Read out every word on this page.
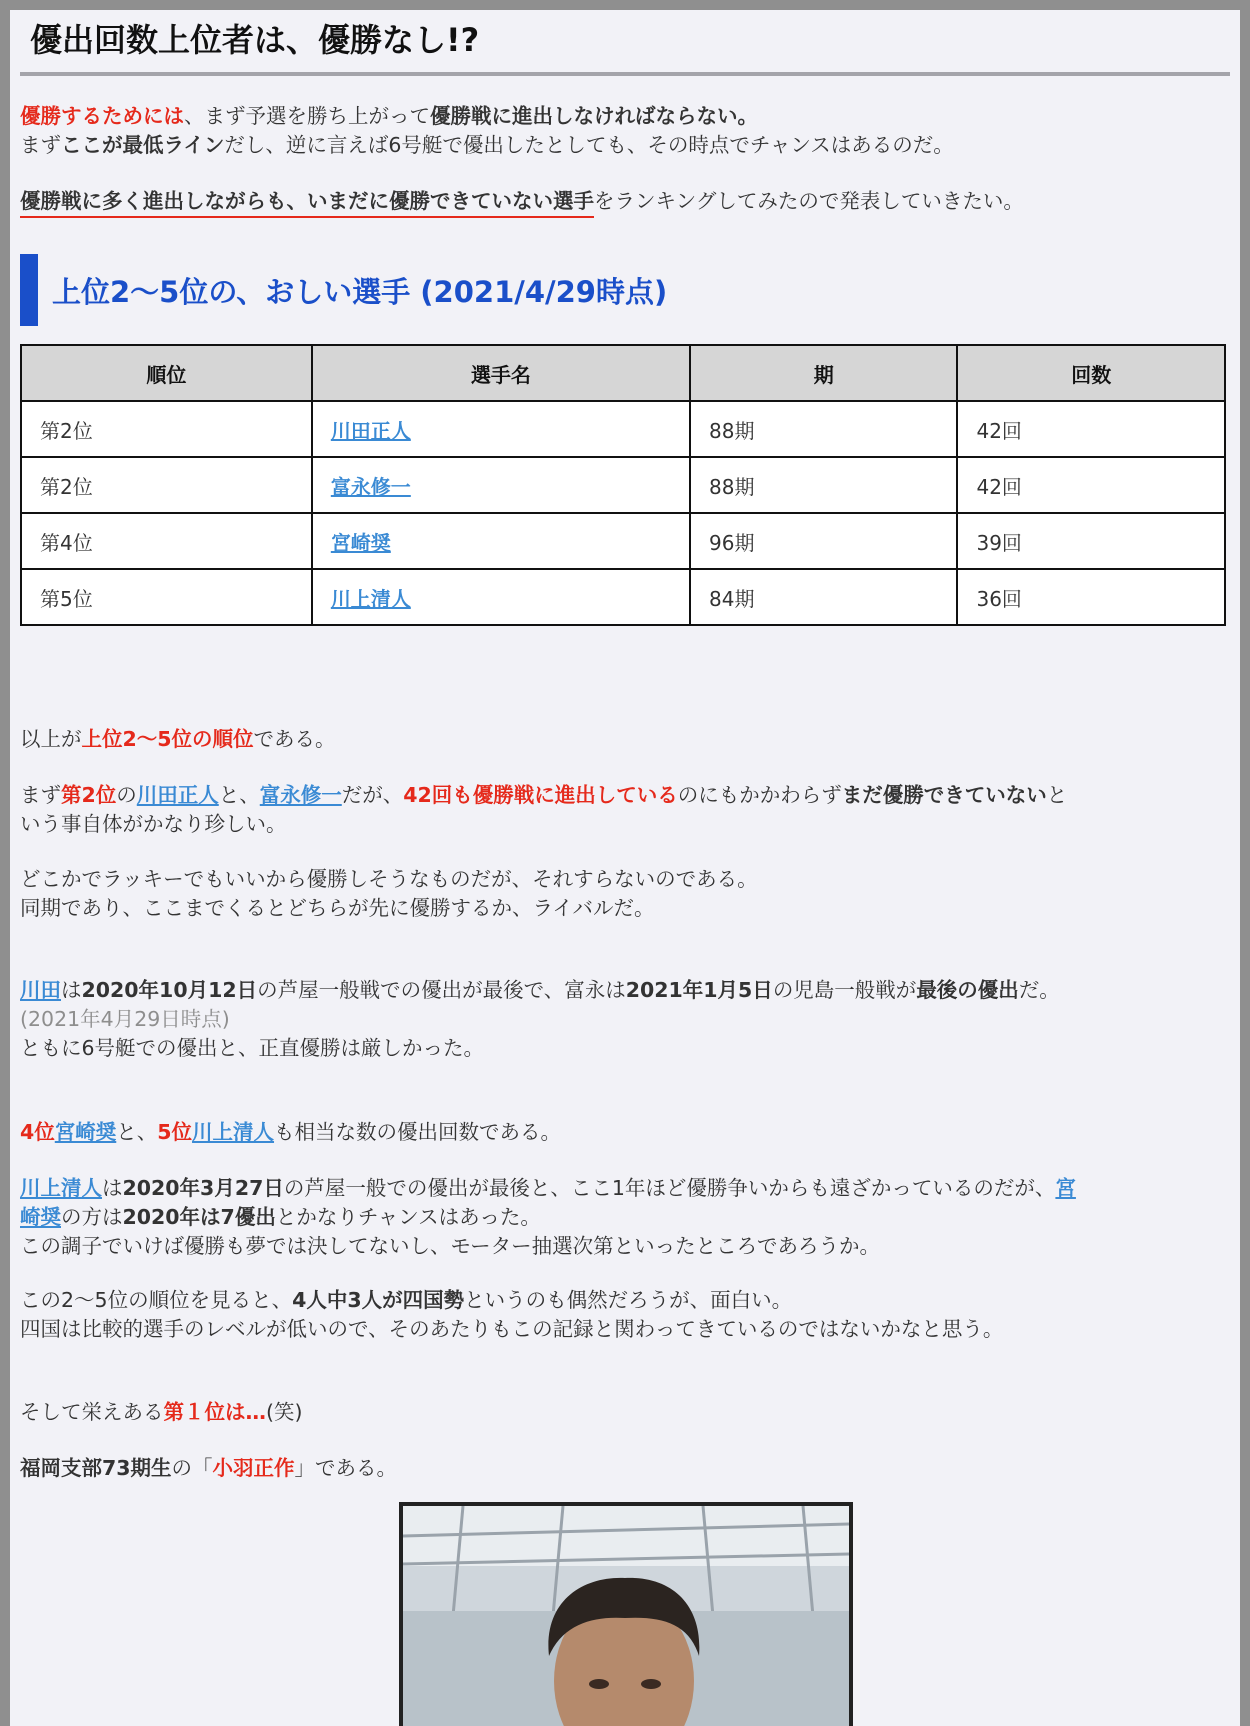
優出回数上位者は、優勝なし!?

優勝するためには、まず予選を勝ち上がって優勝戦に進出しなければならない。

まずここが最低ラインだし、逆に言えば6号艇で優出したとしても、その時点でチャンスはあるのだ。

優勝戦に多く進出しながらも、いまだに優勝できていない選手をランキングしてみたので発表していきたい。

上位2〜5位の、おしい選手 (2021/4/29時点)
順位	選手名	期	回数
第2位	川田正人	88期	42回
第2位	富永修一	88期	42回
第4位	宮崎奨	96期	39回
第5位	川上清人	84期	36回

以上が上位2〜5位の順位である。

まず第2位の川田正人と、富永修一だが、42回も優勝戦に進出しているのにもかかわらずまだ優勝できていないと

いう事自体がかなり珍しい。

どこかでラッキーでもいいから優勝しそうなものだが、それすらないのである。

同期であり、ここまでくるとどちらが先に優勝するか、ライバルだ。

川田は2020年10月12日の芦屋一般戦での優出が最後で、富永は2021年1月5日の児島一般戦が最後の優出だ。

(2021年4月29日時点)

ともに6号艇での優出と、正直優勝は厳しかった。

4位宮崎奨と、5位川上清人も相当な数の優出回数である。

川上清人は2020年3月27日の芦屋一般での優出が最後と、ここ1年ほど優勝争いからも遠ざかっているのだが、宮

崎奨の方は2020年は7優出とかなりチャンスはあった。

この調子でいけば優勝も夢では決してないし、モーター抽選次第といったところであろうか。

この2〜5位の順位を見ると、4人中3人が四国勢というのも偶然だろうが、面白い。

四国は比較的選手のレベルが低いので、そのあたりもこの記録と関わってきているのではないかなと思う。

そして栄えある第１位は…(笑)

福岡支部73期生の「小羽正作」である。
